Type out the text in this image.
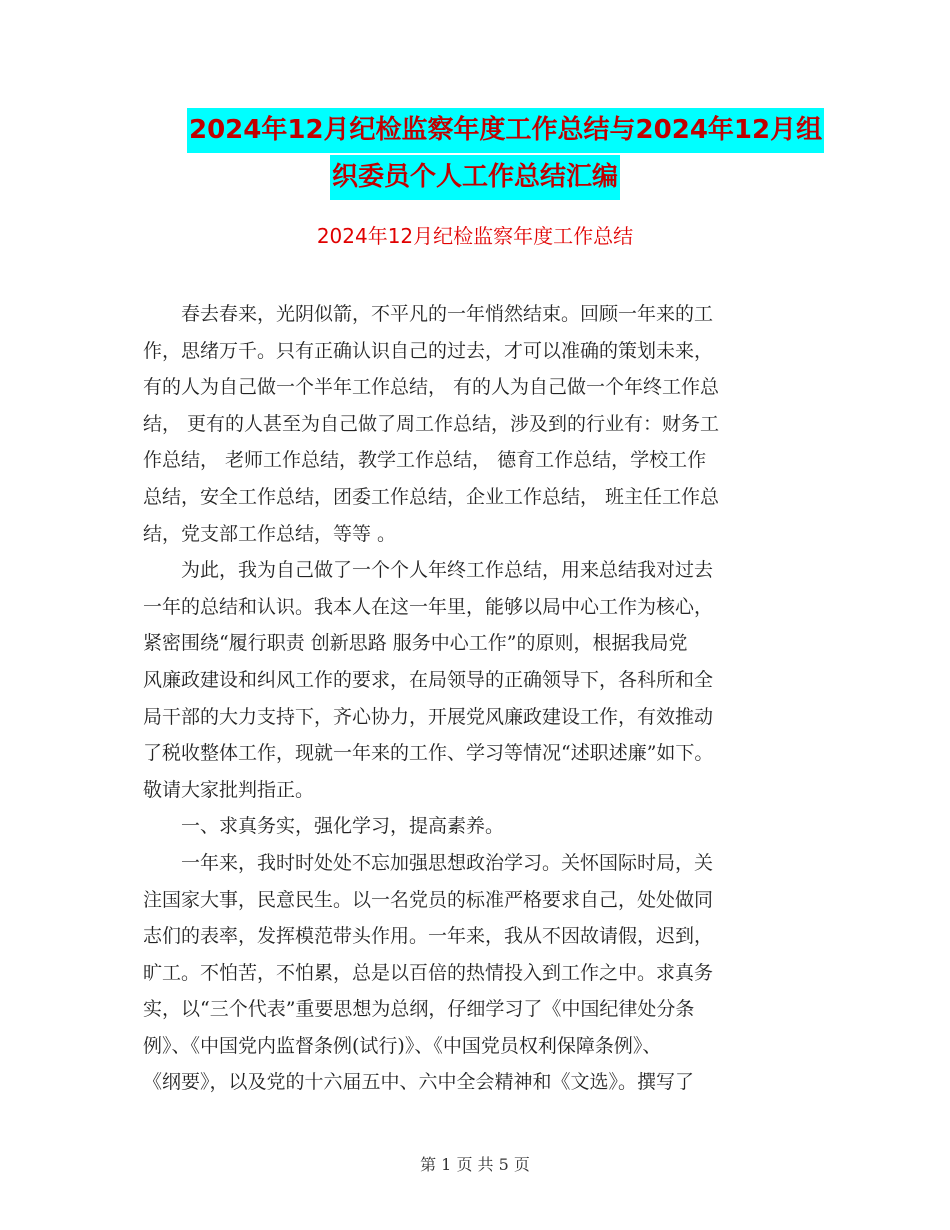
2024年12月纪检监察年度工作总结与2024年12月组
织委员个人工作总结汇编
2024年12月纪检监察年度工作总结
　　春去春来，光阴似箭，不平凡的一年悄然结束。回顾一年来的工
作，思绪万千。只有正确认识自己的过去，才可以准确的策划未来，
有的人为自己做一个半年工作总结， 有的人为自己做一个年终工作总
结， 更有的人甚至为自己做了周工作总结，涉及到的行业有：财务工
作总结， 老师工作总结，教学工作总结， 德育工作总结，学校工作
总结，安全工作总结，团委工作总结，企业工作总结， 班主任工作总
结，党支部工作总结，等等 。
　　为此，我为自己做了一个个人年终工作总结，用来总结我对过去
一年的总结和认识。我本人在这一年里，能够以局中心工作为核心，
紧密围绕“履行职责 创新思路 服务中心工作”的原则，根据我局党
风廉政建设和纠风工作的要求，在局领导的正确领导下，各科所和全
局干部的大力支持下，齐心协力，开展党风廉政建设工作，有效推动
了税收整体工作，现就一年来的工作、学习等情况“述职述廉”如下。
敬请大家批判指正。
　　一、求真务实，强化学习，提高素养。
　　一年来，我时时处处不忘加强思想政治学习。关怀国际时局，关
注国家大事，民意民生。以一名党员的标准严格要求自己，处处做同
志们的表率，发挥模范带头作用。一年来，我从不因故请假，迟到，
旷工。不怕苦，不怕累，总是以百倍的热情投入到工作之中。求真务
实，以“三个代表”重要思想为总纲，仔细学习了《中国纪律处分条
例》、《中国党内监督条例(试行)》、《中国党员权利保障条例》、
《纲要》，以及党的十六届五中、六中全会精神和《文选》。撰写了
第 1 页 共 5 页
